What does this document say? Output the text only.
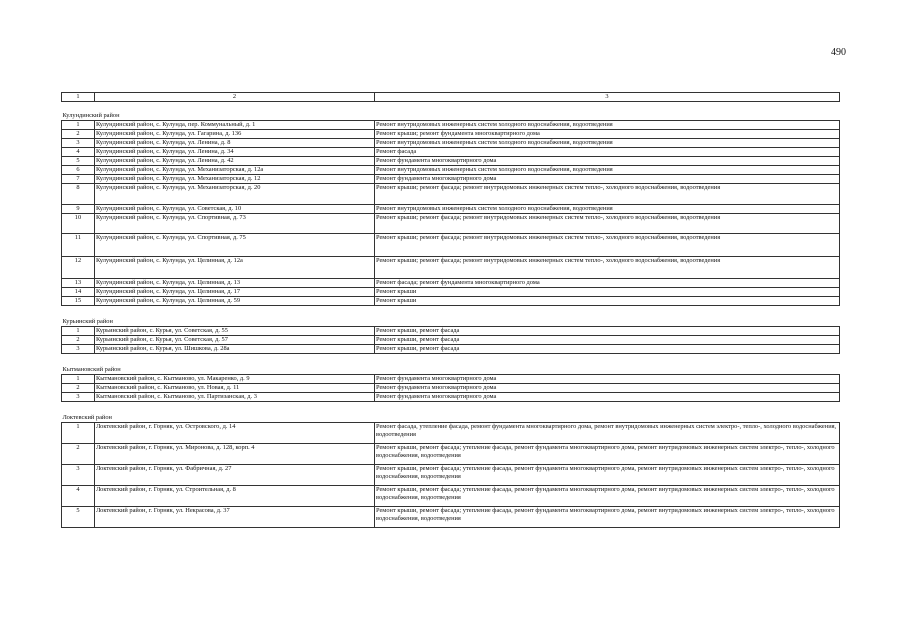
490
1	2	3
Кулундинский район		
1	Кулундинский район, с. Кулунда, пер. Коммунальный, д. 1	Ремонт внутридомовых инженерных систем холодного водоснабжения, водоотведения
2	Кулундинский район, с. Кулунда, ул. Гагарина, д. 136	Ремонт крыши; ремонт фундамента многоквартирного дома
3	Кулундинский район, с. Кулунда, ул. Ленина, д. 8	Ремонт внутридомовых инженерных систем холодного водоснабжения, водоотведения
4	Кулундинский район, с. Кулунда, ул. Ленина, д. 34	Ремонт фасада
5	Кулундинский район, с. Кулунда, ул. Ленина, д. 42	Ремонт фундамента многоквартирного дома
6	Кулундинский район, с. Кулунда, ул. Механизаторская, д. 12а	Ремонт внутридомовых инженерных систем холодного водоснабжения, водоотведения
7	Кулундинский район, с. Кулунда, ул. Механизаторская, д. 12	Ремонт фундамента многоквартирного дома
8	Кулундинский район, с. Кулунда, ул. Механизаторская, д. 20	Ремонт крыши; ремонт фасада; ремонт внутридомовых инженерных систем тепло-, холодного водоснабжения, водоотведения
9	Кулундинский район, с. Кулунда, ул. Советская, д. 10	Ремонт внутридомовых инженерных систем холодного водоснабжения, водоотведения
10	Кулундинский район, с. Кулунда, ул. Спортивная, д. 73	Ремонт крыши; ремонт фасада; ремонт внутридомовых инженерных систем тепло-, холодного водоснабжения, водоотведения
11	Кулундинский район, с. Кулунда, ул. Спортивная, д. 75	Ремонт крыши; ремонт фасада; ремонт внутридомовых инженерных систем тепло-, холодного водоснабжения, водоотведения
12	Кулундинский район, с. Кулунда, ул. Целинная, д. 12а	Ремонт крыши; ремонт фасада; ремонт внутридомовых инженерных систем тепло-, холодного водоснабжения, водоотведения
13	Кулундинский район, с. Кулунда, ул. Целинная, д. 13	Ремонт фасада; ремонт фундамента многоквартирного дома
14	Кулундинский район, с. Кулунда, ул. Целинная, д. 17	Ремонт крыши
15	Кулундинский район, с. Кулунда, ул. Целинная, д. 59	Ремонт крыши
Курьинский район		
1	Курьинский район, с. Курья, ул. Советская, д. 55	Ремонт крыши, ремонт фасада
2	Курьинский район, с. Курья, ул. Советская, д. 57	Ремонт крыши, ремонт фасада
3	Курьинский район, с. Курья, ул. Шишкова, д. 28а	Ремонт крыши, ремонт фасада
Кытмановский район		
1	Кытмановский район, с. Кытманово, ул. Макаренко, д. 9	Ремонт фундамента многоквартирного дома
2	Кытмановский район, с. Кытманово, ул. Новая, д. 11	Ремонт фундамента многоквартирного дома
3	Кытмановский район, с. Кытманово, ул. Партизанская, д. 3	Ремонт фундамента многоквартирного дома
Локтевский район		
1	Локтевский район, г. Горняк, ул. Островского, д. 14	Ремонт фасада, утепление фасада, ремонт фундамента многоквартирного дома, ремонт внутридомовых инженерных систем электро-, тепло-, холодного водоснабжения, водоотведения
2	Локтевский район, г. Горняк, ул. Миронова, д. 128, корп. 4	Ремонт крыши, ремонт фасада; утепление фасада, ремонт фундамента многоквартирного дома, ремонт внутридомовых инженерных систем электро-, тепло-, холодного водоснабжения, водоотведения
3	Локтевский район, г. Горняк, ул. Фабричная, д. 27	Ремонт крыши, ремонт фасада; утепление фасада, ремонт фундамента многоквартирного дома, ремонт внутридомовых инженерных систем электро-, тепло-, холодного водоснабжения, водоотведения
4	Локтевский район, г. Горняк, ул. Строительная, д. 8	Ремонт крыши, ремонт фасада; утепление фасада, ремонт фундамента многоквартирного дома, ремонт внутридомовых инженерных систем электро-, тепло-, холодного водоснабжения, водоотведения
5	Локтевский район, г. Горняк, ул. Некрасова, д. 37	Ремонт крыши, ремонт фасада; утепление фасада, ремонт фундамента многоквартирного дома, ремонт внутридомовых инженерных систем электро-, тепло-, холодного водоснабжения, водоотведения
